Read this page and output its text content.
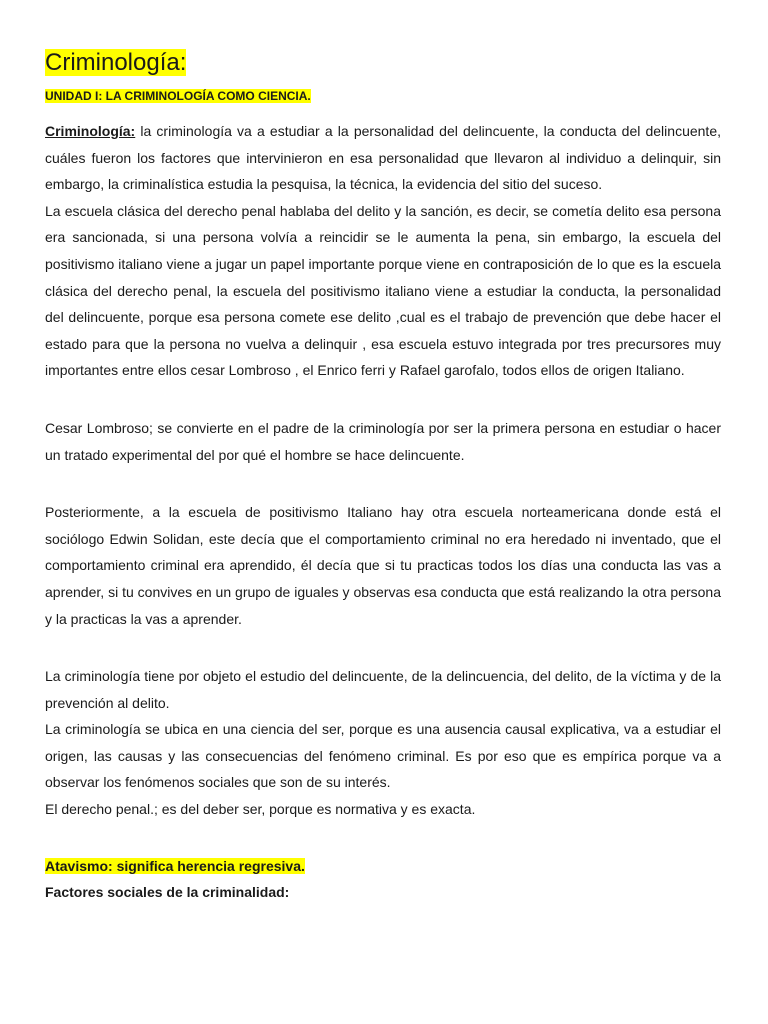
Criminología:
UNIDAD I: LA CRIMINOLOGÍA COMO CIENCIA.

Criminología: la criminología va a estudiar a la personalidad del delincuente, la conducta del delincuente, cuáles fueron los factores que intervinieron en esa personalidad que llevaron al individuo a delinquir, sin embargo, la criminalística estudia la pesquisa, la técnica, la evidencia del sitio del suceso.

La escuela clásica del derecho penal hablaba del delito y la sanción, es decir, se cometía delito esa persona era sancionada, si una persona volvía a reincidir se le aumenta la pena, sin embargo, la escuela del positivismo italiano viene a jugar un papel importante porque viene en contraposición de lo que es la escuela clásica del derecho penal, la escuela del positivismo italiano viene a estudiar la conducta, la personalidad del delincuente, porque esa persona comete ese delito ,cual es el trabajo de prevención que debe hacer el estado para que la persona no vuelva a delinquir , esa escuela estuvo integrada por tres precursores muy importantes entre ellos cesar Lombroso , el Enrico ferri y Rafael garofalo, todos ellos de origen Italiano.

Cesar Lombroso; se convierte en el padre de la criminología por ser la primera persona en estudiar o hacer un tratado experimental del por qué el hombre se hace delincuente.

Posteriormente, a la escuela de positivismo Italiano hay otra escuela norteamericana donde está el sociólogo Edwin Solidan, este decía que el comportamiento criminal no era heredado ni inventado, que el comportamiento criminal era aprendido, él decía que si tu practicas todos los días una conducta las vas a aprender, si tu convives en un grupo de iguales y observas esa conducta que está realizando la otra persona y la practicas la vas a aprender.

La criminología tiene por objeto el estudio del delincuente, de la delincuencia, del delito, de la víctima y de la prevención al delito.

La criminología se ubica en una ciencia del ser, porque es una ausencia causal explicativa, va a estudiar el origen, las causas y las consecuencias del fenómeno criminal. Es por eso que es empírica porque va a observar los fenómenos sociales que son de su interés.

El derecho penal.; es del deber ser, porque es normativa y es exacta.

Atavismo: significa herencia regresiva.

Factores sociales de la criminalidad:
